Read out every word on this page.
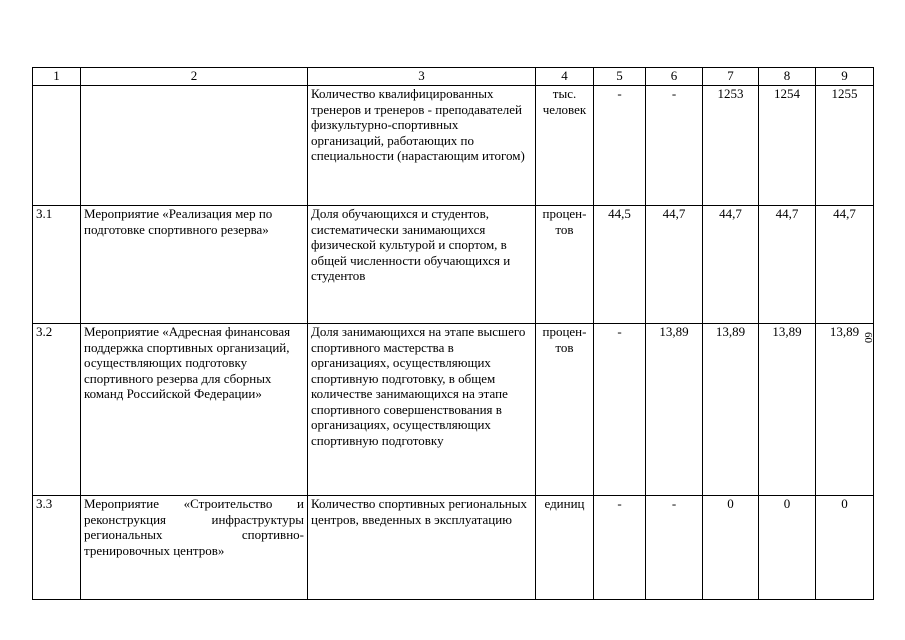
1	2	3	4	5	6	7	8	9
		Количество квалифицированных тренеров и тренеров - преподавателей физкультурно-спортивных организаций, работающих по специальности (нарастающим итогом)	тыс. человек	-	-	1253	1254	1255
3.1	Мероприятие «Реализация мер по подготовке спортивного резерва»	Доля обучающихся и студентов, систематически занимающихся физической культурой и спортом, в общей численности обучающихся и студентов	процен-тов	44,5	44,7	44,7	44,7	44,7
3.2	Мероприятие «Адресная финансовая поддержка спортивных организаций, осуществляющих подготовку спортивного резерва для сборных команд Российской Федерации»	Доля занимающихся на этапе высшего спортивного мастерства в организациях, осуществляющих спортивную подготовку, в общем количестве занимающихся на этапе спортивного совершенствования в организациях, осуществляющих спортивную подготовку	процен-тов	-	13,89	13,89	13,89	13,89
3.3	Мероприятие «Строительство и реконструкция инфраструктуры региональных спортивно-тренировочных центров»	Количество спортивных региональных центров, введенных в эксплуатацию	единиц	-	-	0	0	0
60
